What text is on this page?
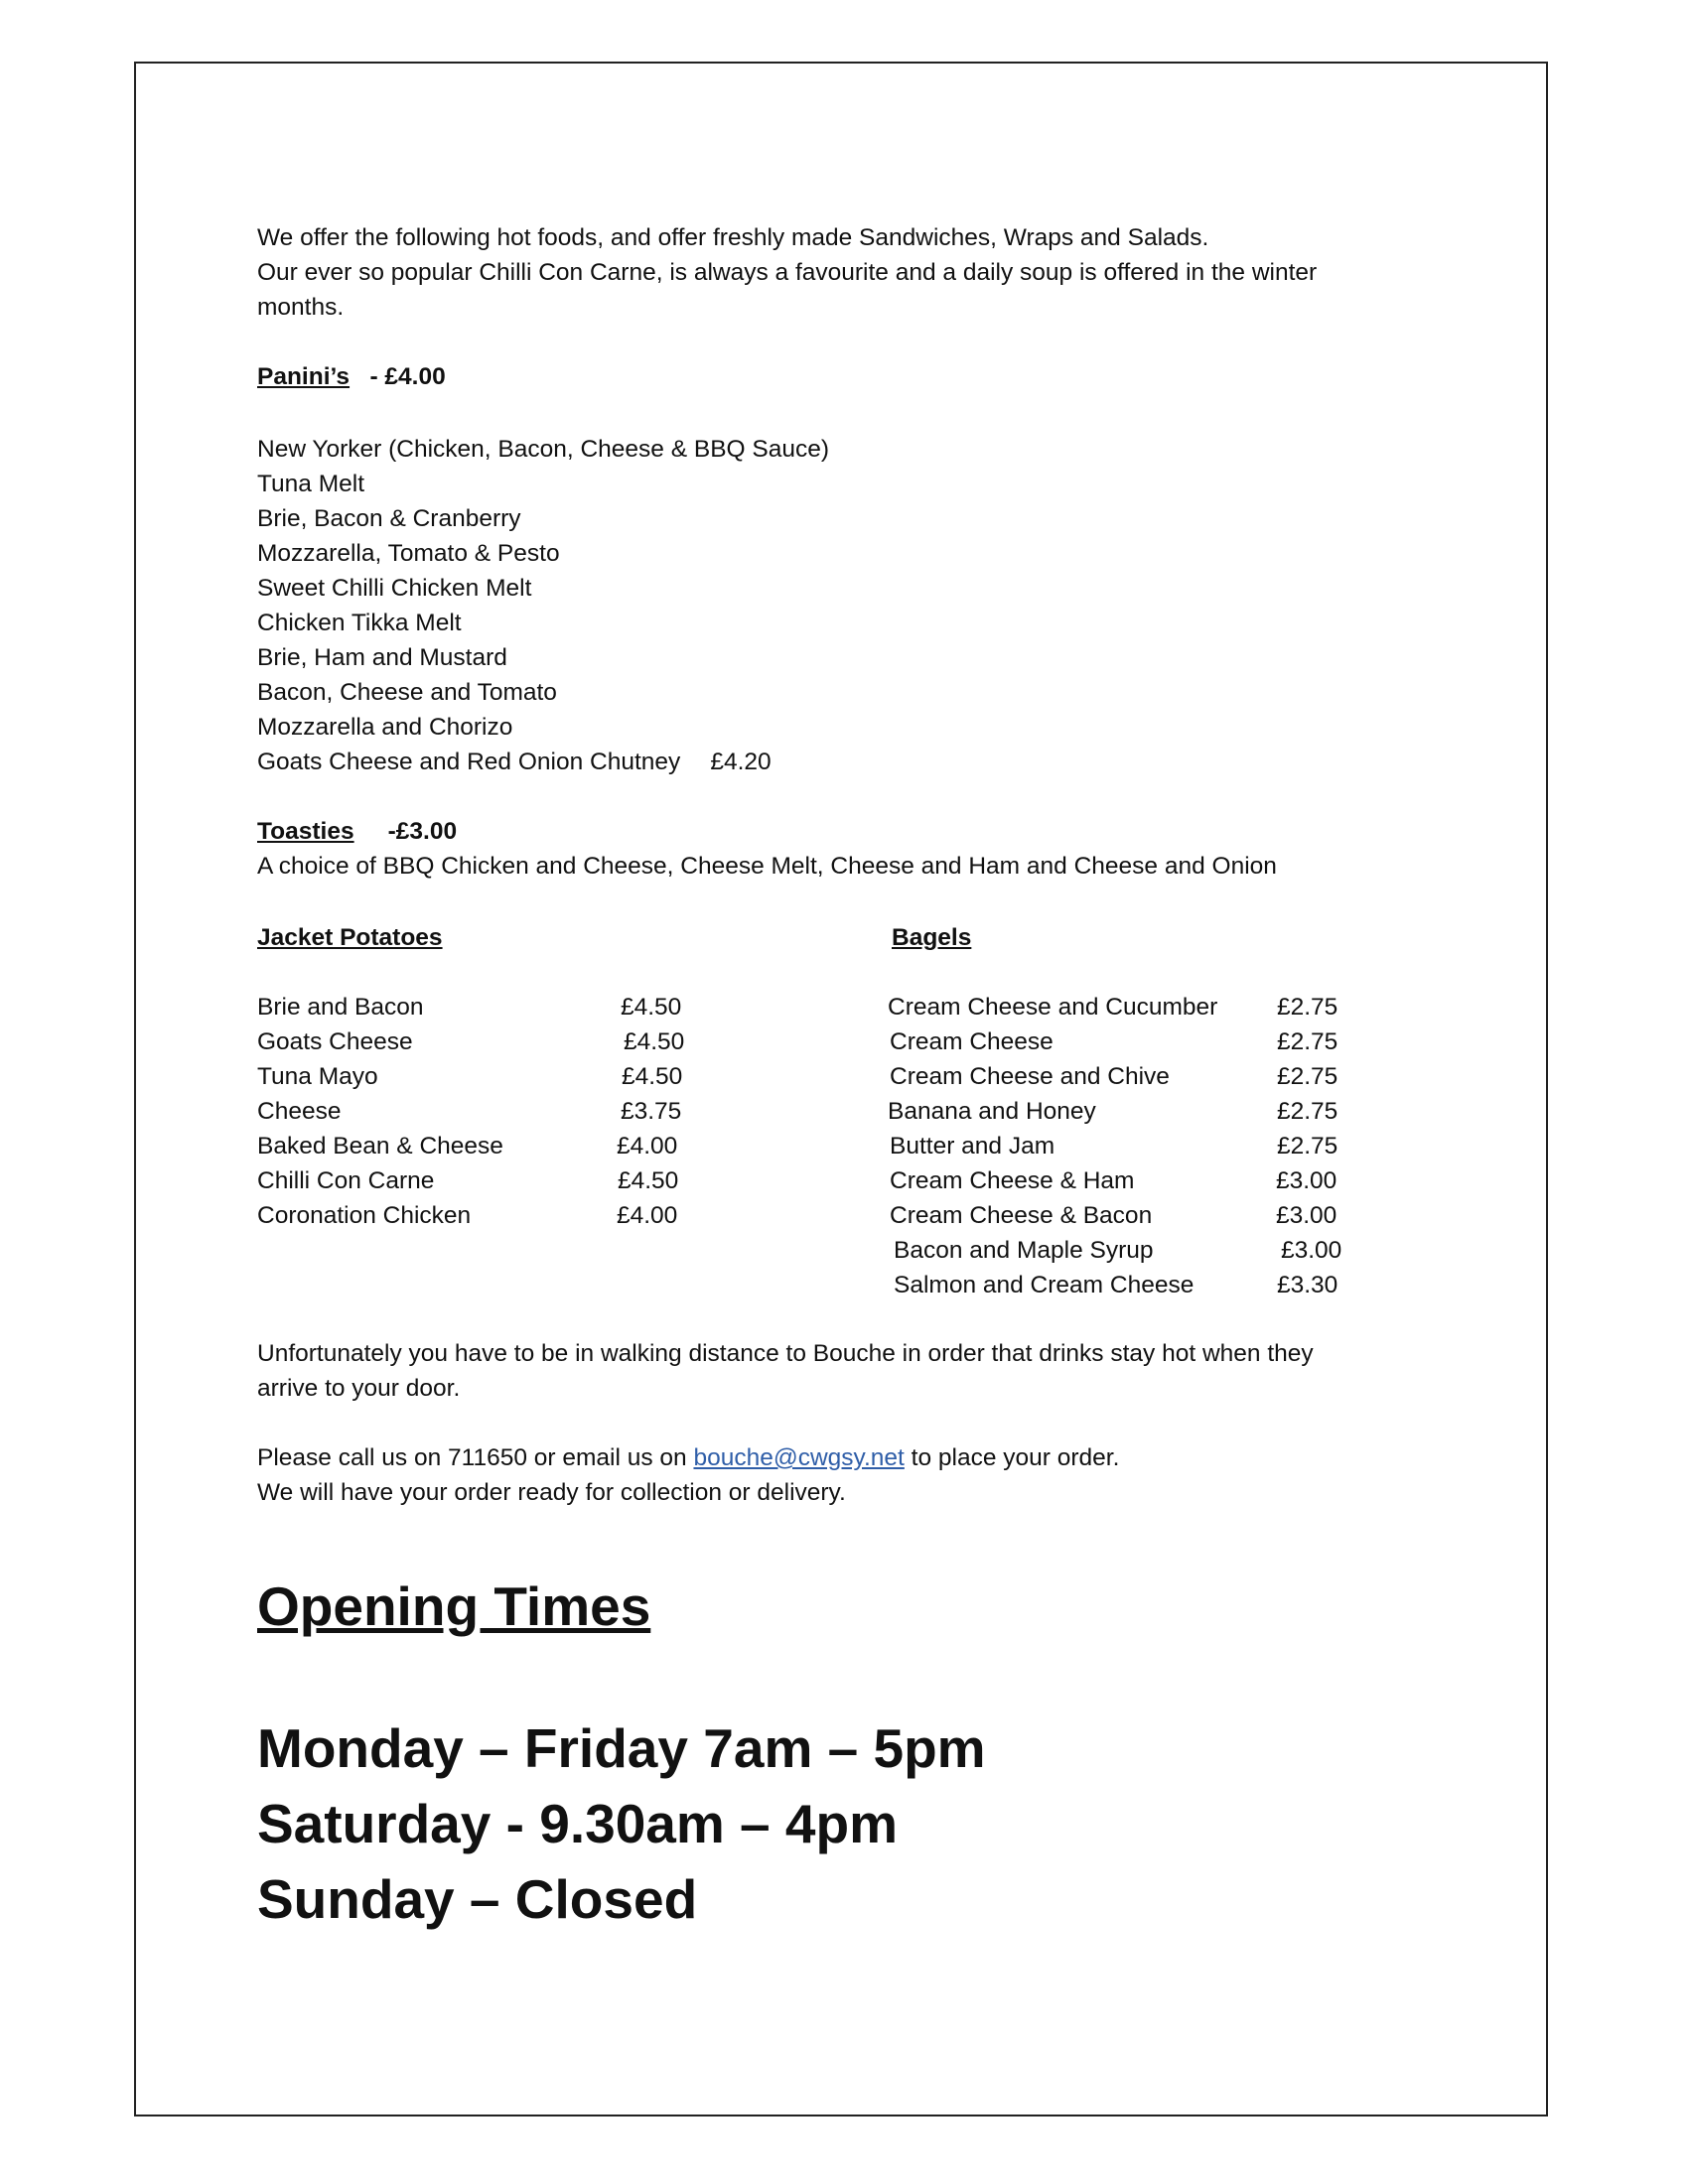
We offer the following hot foods, and offer freshly made Sandwiches, Wraps and Salads.

Our ever so popular Chilli Con Carne, is always a favourite and a daily soup is offered in the winter

months.

Panini’s - £4.00

New Yorker (Chicken, Bacon, Cheese & BBQ Sauce)

Tuna Melt

Brie, Bacon & Cranberry

Mozzarella, Tomato & Pesto

Sweet Chilli Chicken Melt

Chicken Tikka Melt

Brie, Ham and Mustard

Bacon, Cheese and Tomato

Mozzarella and Chorizo

Goats Cheese and Red Onion Chutney £4.20

Toasties -£3.00

A choice of BBQ Chicken and Cheese, Cheese Melt, Cheese and Ham and Cheese and Onion

Jacket Potatoes

Brie and Bacon	£4.50
Goats Cheese	£4.50
Tuna Mayo	£4.50
Cheese	£3.75
Baked Bean & Cheese	£4.00
Chilli Con Carne	£4.50
Coronation Chicken	£4.00

Bagels

Cream Cheese and Cucumber	£2.75
Cream Cheese	£2.75
Cream Cheese and Chive	£2.75
Banana and Honey	£2.75
Butter and Jam	£2.75
Cream Cheese & Ham	£3.00
Cream Cheese & Bacon	£3.00
Bacon and Maple Syrup	£3.00
Salmon and Cream Cheese	£3.30

Unfortunately you have to be in walking distance to Bouche in order that drinks stay hot when they

arrive to your door.

Please call us on 711650 or email us on bouche@cwgsy.net to place your order.

We will have your order ready for collection or delivery.

Opening Times
Monday – Friday 7am – 5pm
Saturday - 9.30am – 4pm
Sunday – Closed
